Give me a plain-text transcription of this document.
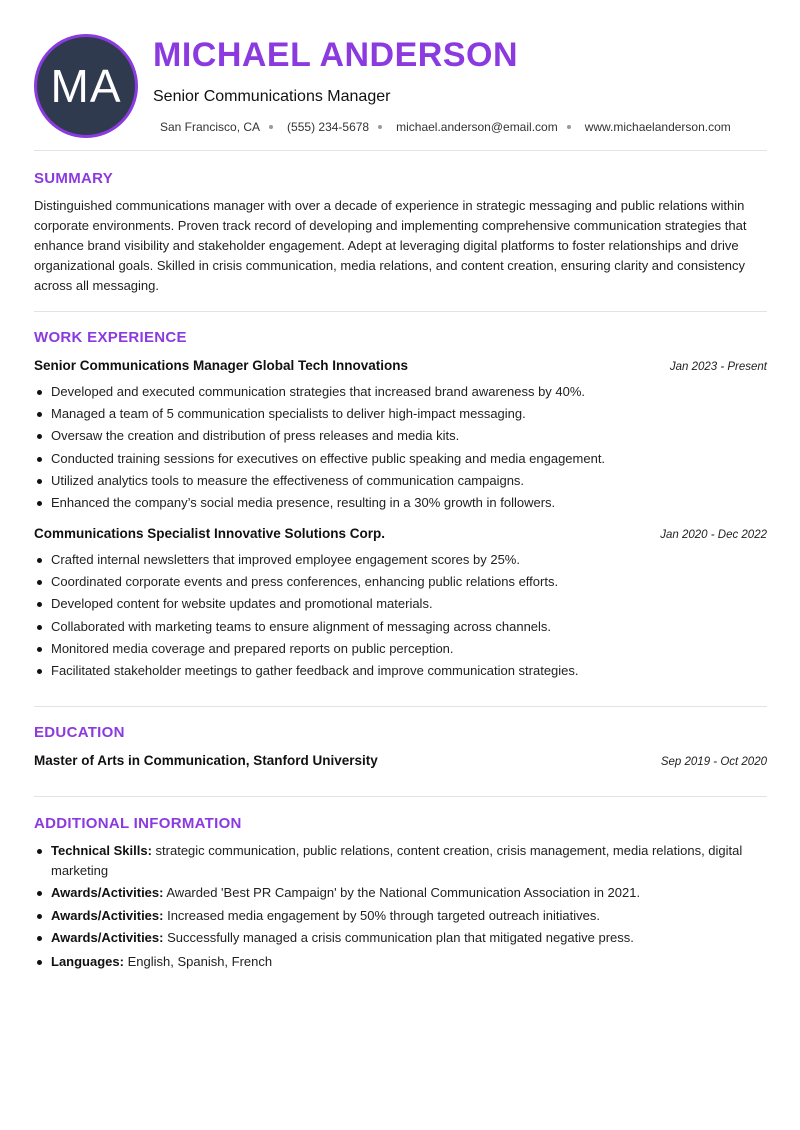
MA
MICHAEL ANDERSON
Senior Communications Manager
San Francisco, CA (555) 234-5678 michael.anderson@email.com www.michaelanderson.com
SUMMARY

Distinguished communications manager with over a decade of experience in strategic messaging and public relations within corporate environments. Proven track record of developing and implementing comprehensive communication strategies that enhance brand visibility and stakeholder engagement. Adept at leveraging digital platforms to foster relationships and drive organizational goals. Skilled in crisis communication, media relations, and content creation, ensuring clarity and consistency across all messaging.

WORK EXPERIENCE
Senior Communications Manager Global Tech Innovations	Jan 2023 - Present
Developed and executed communication strategies that increased brand awareness by 40%.
Managed a team of 5 communication specialists to deliver high-impact messaging.
Oversaw the creation and distribution of press releases and media kits.
Conducted training sessions for executives on effective public speaking and media engagement.
Utilized analytics tools to measure the effectiveness of communication campaigns.
Enhanced the company’s social media presence, resulting in a 30% growth in followers.
Communications Specialist Innovative Solutions Corp.	Jan 2020 - Dec 2022
Crafted internal newsletters that improved employee engagement scores by 25%.
Coordinated corporate events and press conferences, enhancing public relations efforts.
Developed content for website updates and promotional materials.
Collaborated with marketing teams to ensure alignment of messaging across channels.
Monitored media coverage and prepared reports on public perception.
Facilitated stakeholder meetings to gather feedback and improve communication strategies.
EDUCATION
Master of Arts in Communication, Stanford University	Sep 2019 - Oct 2020
ADDITIONAL INFORMATION
Technical Skills: strategic communication, public relations, content creation, crisis management, media relations, digital marketing
Awards/Activities: Awarded 'Best PR Campaign' by the National Communication Association in 2021.
Awards/Activities: Increased media engagement by 50% through targeted outreach initiatives.
Awards/Activities: Successfully managed a crisis communication plan that mitigated negative press.
Languages: English, Spanish, French
